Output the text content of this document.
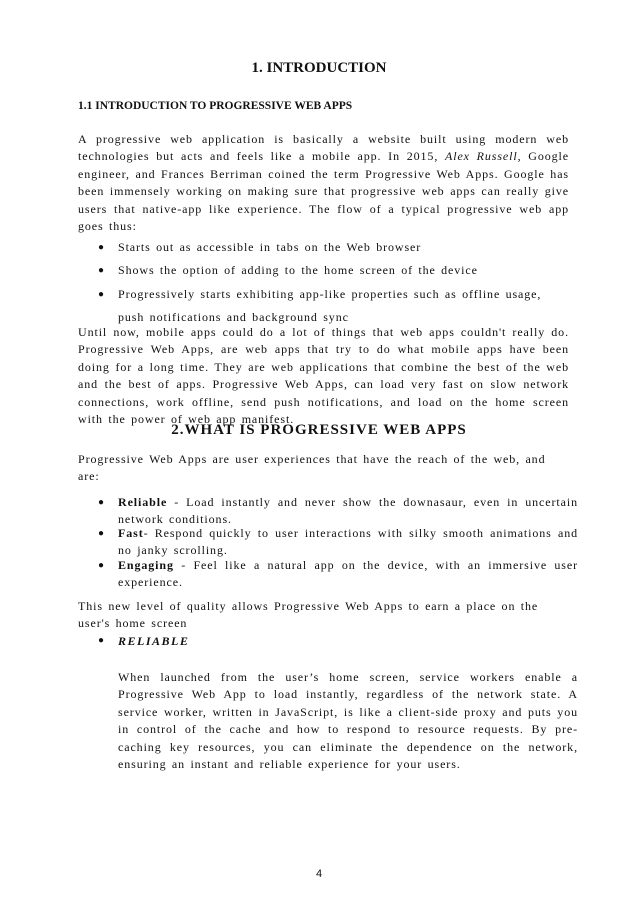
1. INTRODUCTION
1.1 INTRODUCTION TO PROGRESSIVE WEB APPS

A progressive web application is basically a website built using modern web technologies but acts and feels like a mobile app. In 2015, Alex Russell, Google engineer, and Frances Berriman coined the term Progressive Web Apps. Google has been immensely working on making sure that progressive web apps can really give users that native-app like experience. The flow of a typical progressive web app goes thus:

● Starts out as accessible in tabs on the Web browser
● Shows the option of adding to the home screen of the device
● Progressively starts exhibiting app-like properties such as offline usage,
push notifications and background sync

Until now, mobile apps could do a lot of things that web apps couldn't really do. Progressive Web Apps, are web apps that try to do what mobile apps have been doing for a long time. They are web applications that combine the best of the web and the best of apps. Progressive Web Apps, can load very fast on slow network connections, work offline, send push notifications, and load on the home screen with the power of web app manifest.

2.WHAT IS PROGRESSIVE WEB APPS

Progressive Web Apps are user experiences that have the reach of the web, and are:

● Reliable - Load instantly and never show the downasaur, even in uncertain network conditions.
● Fast- Respond quickly to user interactions with silky smooth animations and no janky scrolling.
● Engaging - Feel like a natural app on the device, with an immersive user experience.

This new level of quality allows Progressive Web Apps to earn a place on the user's home screen

● RELIABLE

When launched from the user’s home screen, service workers enable a Progressive Web App to load instantly, regardless of the network state. A service worker, written in JavaScript, is like a client-side proxy and puts you in control of the cache and how to respond to resource requests. By pre-caching key resources, you can eliminate the dependence on the network, ensuring an instant and reliable experience for your users.

4
